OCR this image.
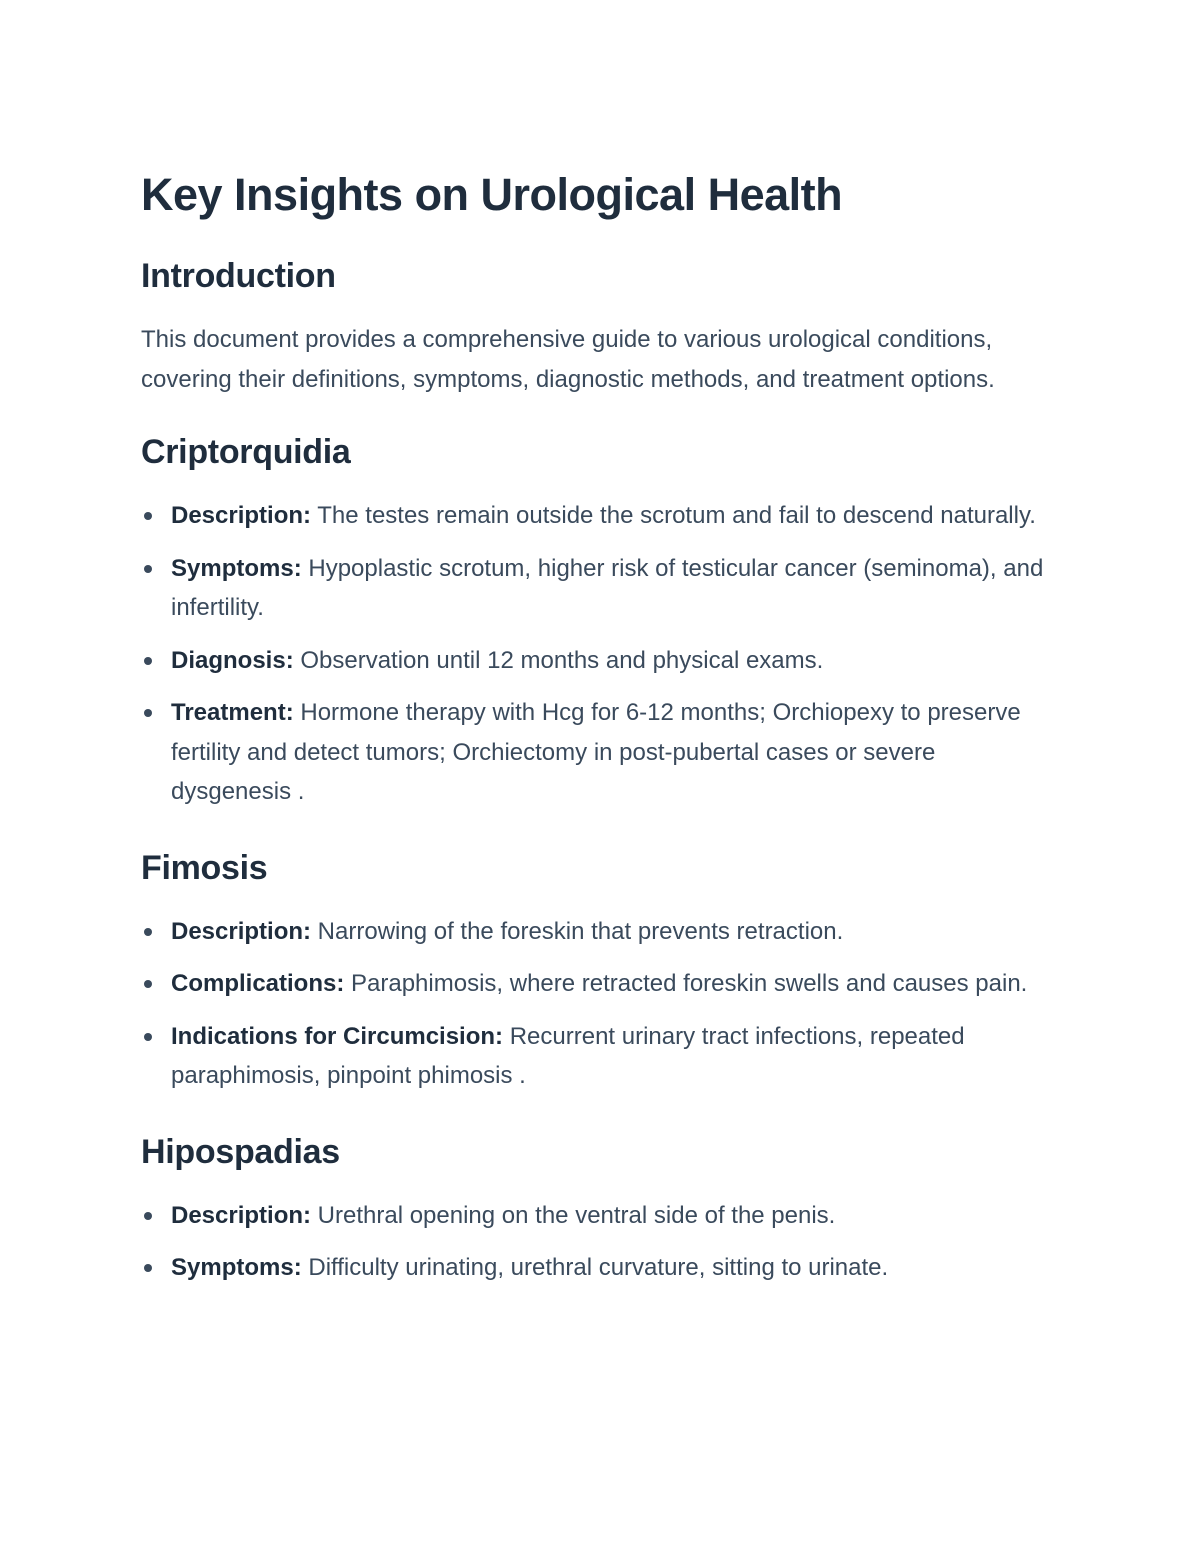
Key Insights on Urological Health
Introduction

This document provides a comprehensive guide to various urological conditions, covering their definitions, symptoms, diagnostic methods, and treatment options.

Criptorquidia
Description: The testes remain outside the scrotum and fail to descend naturally.
Symptoms: Hypoplastic scrotum, higher risk of testicular cancer (seminoma), and infertility.
Diagnosis: Observation until 12 months and physical exams.
Treatment: Hormone therapy with Hcg for 6-12 months; Orchiopexy to preserve fertility and detect tumors; Orchiectomy in post-pubertal cases or severe dysgenesis .
Fimosis
Description: Narrowing of the foreskin that prevents retraction.
Complications: Paraphimosis, where retracted foreskin swells and causes pain.
Indications for Circumcision: Recurrent urinary tract infections, repeated paraphimosis, pinpoint phimosis .
Hipospadias
Description: Urethral opening on the ventral side of the penis.
Symptoms: Difficulty urinating, urethral curvature, sitting to urinate.
